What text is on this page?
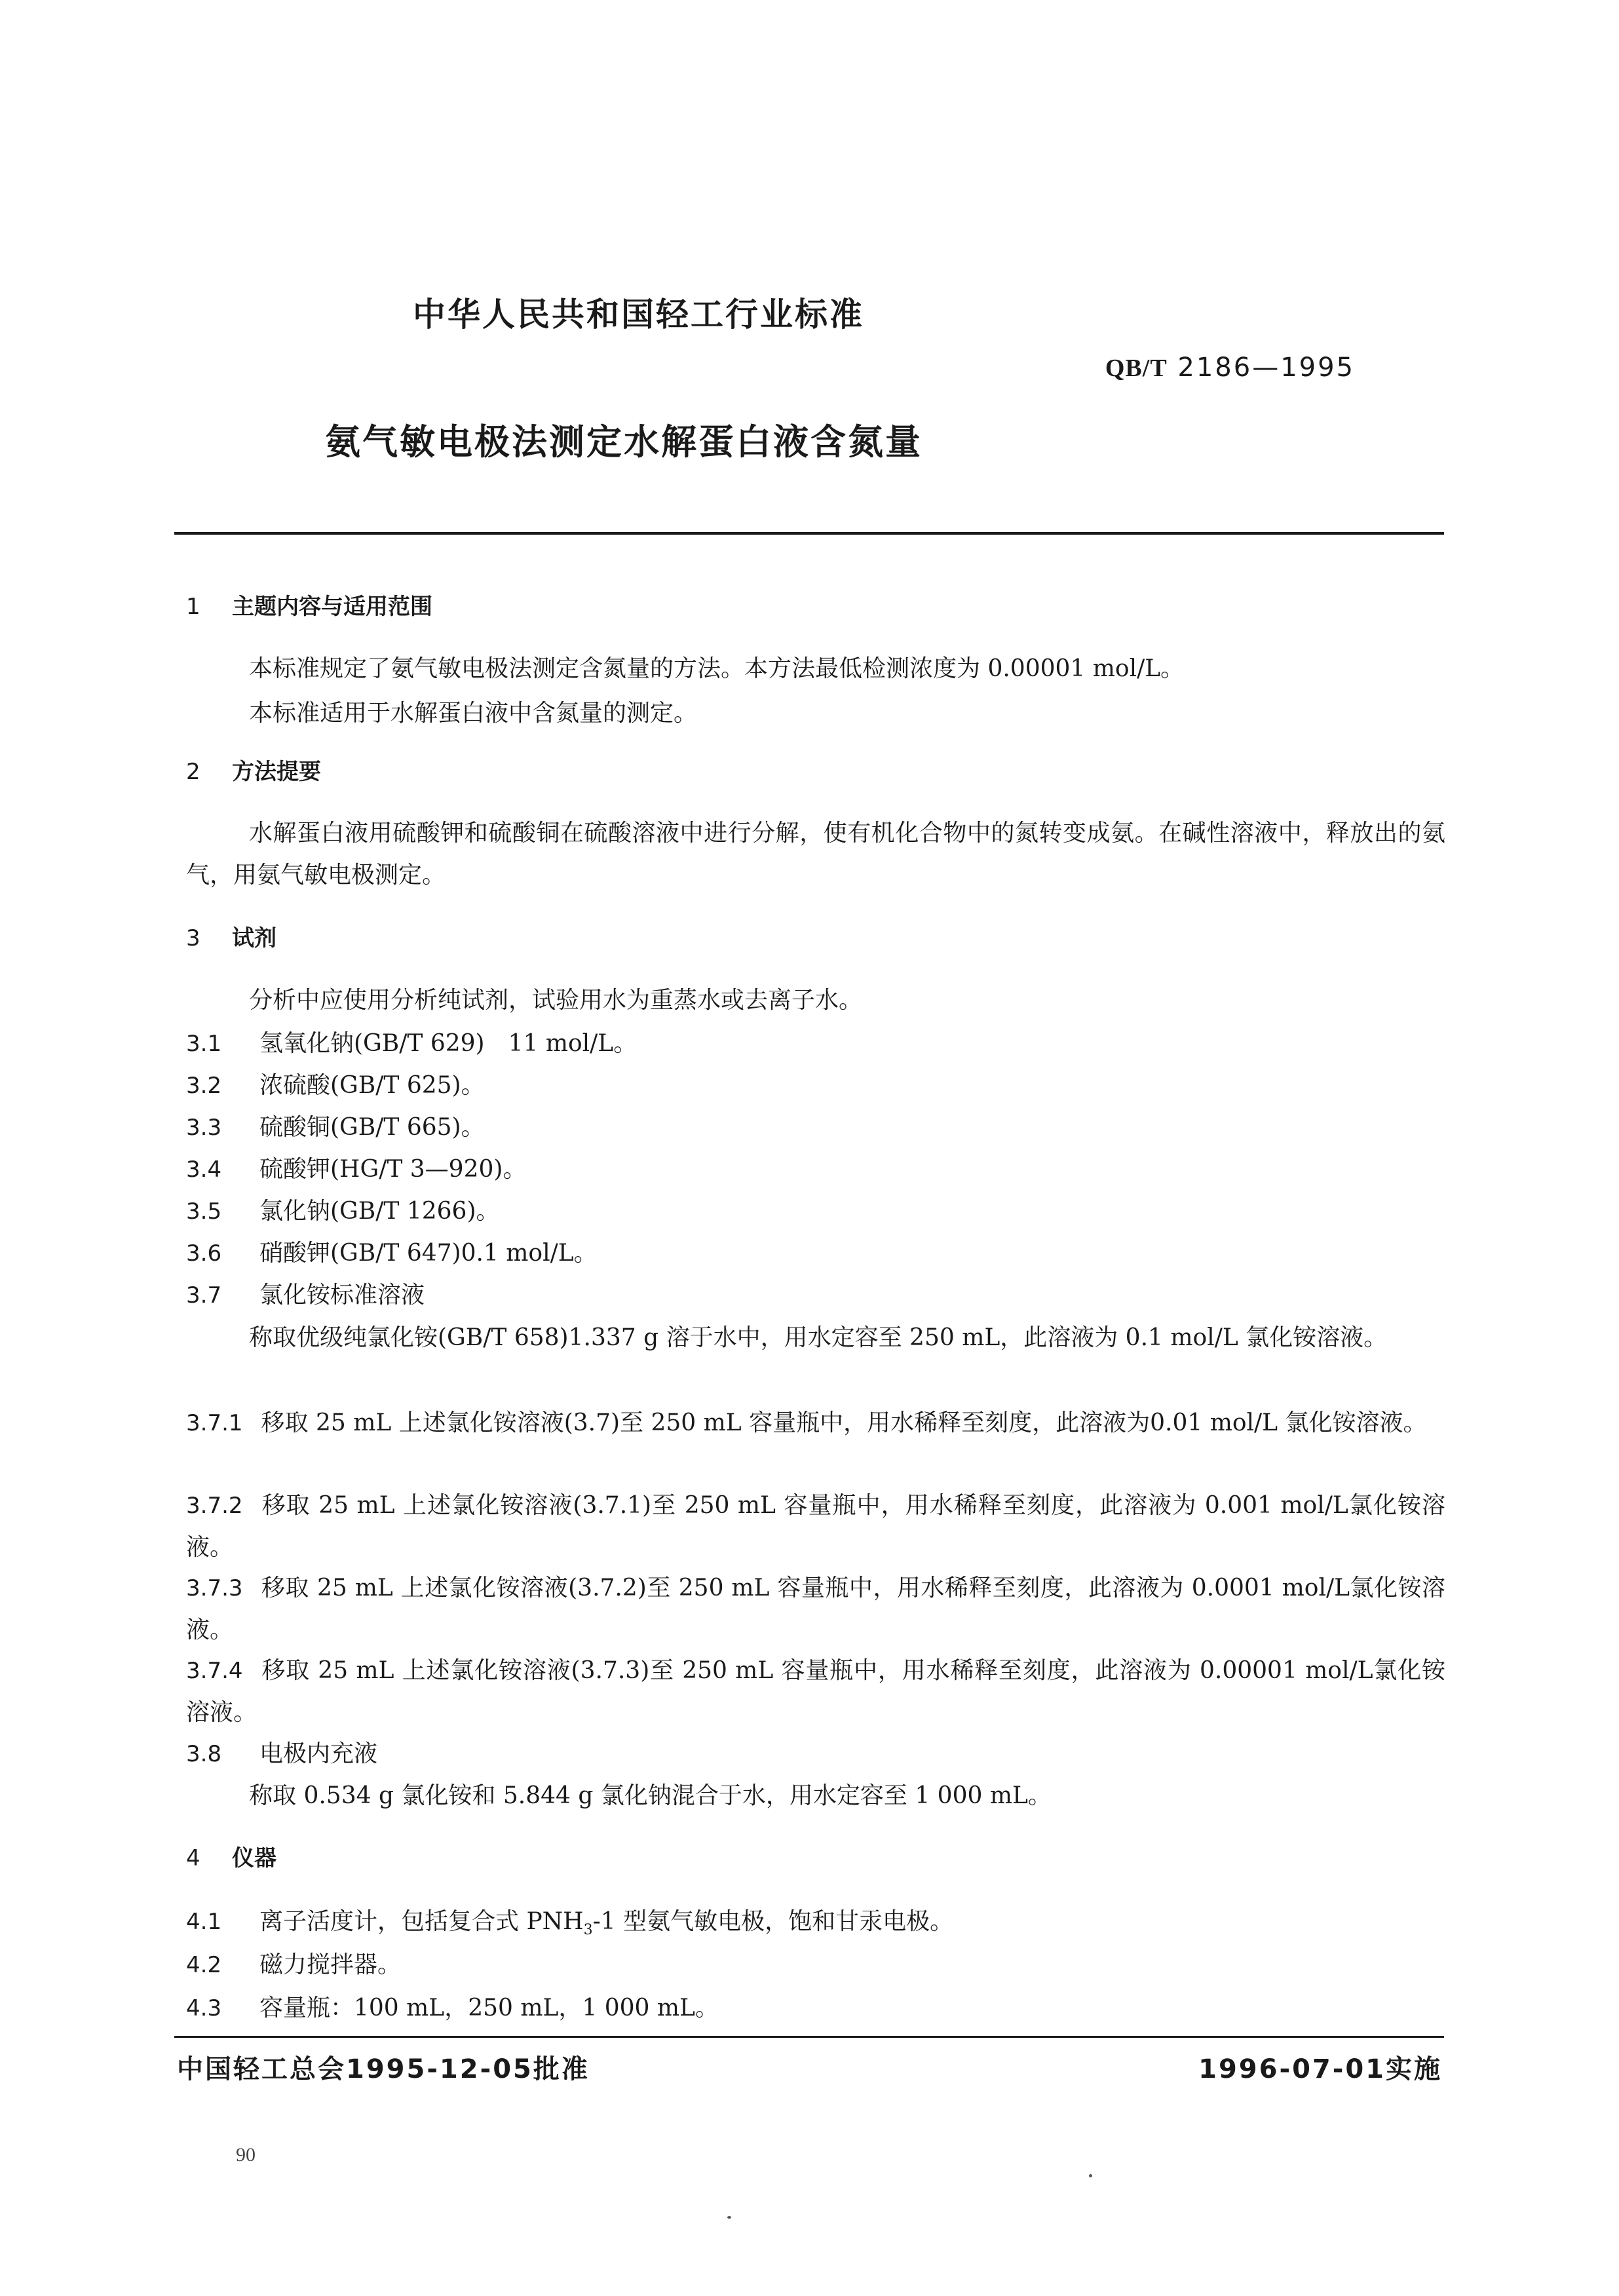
中华人民共和国轻工行业标准
QB/T 2186—1995
氨气敏电极法测定水解蛋白液含氮量
1 主题内容与适用范围
本标准规定了氨气敏电极法测定含氮量的方法。本方法最低检测浓度为 0.00001 mol/L。
本标准适用于水解蛋白液中含氮量的测定。
2 方法提要
水解蛋白液用硫酸钾和硫酸铜在硫酸溶液中进行分解，使有机化合物中的氮转变成氨。在碱性溶液中，释放出的氨气，用氨气敏电极测定。
3 试剂
分析中应使用分析纯试剂，试验用水为重蒸水或去离子水。
3.1 氢氧化钠(GB/T 629)　11 mol/L。
3.2 浓硫酸(GB/T 625)。
3.3 硫酸铜(GB/T 665)。
3.4 硫酸钾(HG/T 3—920)。
3.5 氯化钠(GB/T 1266)。
3.6 硝酸钾(GB/T 647)0.1 mol/L。
3.7 氯化铵标准溶液
称取优级纯氯化铵(GB/T 658)1.337 g 溶于水中，用水定容至 250 mL，此溶液为 0.1 mol/L 氯化铵溶液。
3.7.1 移取 25 mL 上述氯化铵溶液(3.7)至 250 mL 容量瓶中，用水稀释至刻度，此溶液为0.01 mol/L 氯化铵溶液。
3.7.2 移取 25 mL 上述氯化铵溶液(3.7.1)至 250 mL 容量瓶中，用水稀释至刻度，此溶液为 0.001 mol/L氯化铵溶液。
3.7.3 移取 25 mL 上述氯化铵溶液(3.7.2)至 250 mL 容量瓶中，用水稀释至刻度，此溶液为 0.0001 mol/L氯化铵溶液。
3.7.4 移取 25 mL 上述氯化铵溶液(3.7.3)至 250 mL 容量瓶中，用水稀释至刻度，此溶液为 0.00001 mol/L氯化铵溶液。
3.8 电极内充液
称取 0.534 g 氯化铵和 5.844 g 氯化钠混合于水，用水定容至 1 000 mL。
4 仪器
4.1 离子活度计，包括复合式 $PNH_3-1$ 型氨气敏电极，饱和甘汞电极。
4.2 磁力搅拌器。
4.3 容量瓶：100 mL，250 mL，1 000 mL。
中国轻工总会1995-12-05批准	1996-07-01实施
90
